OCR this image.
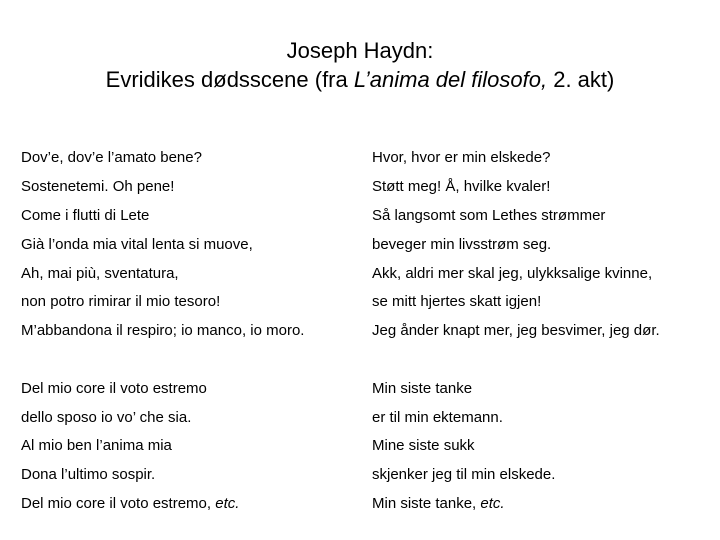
Joseph Haydn:
Evridikes dødsscene (fra L’anima del filosofo, 2. akt)
Dov’e, dov’e l’amato bene?	Hvor, hvor er min elskede?
Sostenetemi. Oh pene!	Støtt meg! Å, hvilke kvaler!
Come i flutti di Lete	Så langsomt som Lethes strømmer
Già l’onda mia vital lenta si muove,	beveger min livsstrøm seg.
Ah, mai più, sventatura,	Akk, aldri mer skal jeg, ulykksalige kvinne,
non potro rimirar il mio tesoro!	se mitt hjertes skatt igjen!
M’abbandona il respiro; io manco, io moro.	Jeg ånder knapt mer, jeg besvimer, jeg dør.
Del mio core il voto estremo	Min siste tanke
dello sposo io vo’ che sia.	er til min ektemann.
Al mio ben l’anima mia	Mine siste sukk
Dona l’ultimo sospir.	skjenker jeg til min elskede.
Del mio core il voto estremo, etc.	Min siste tanke, etc.
